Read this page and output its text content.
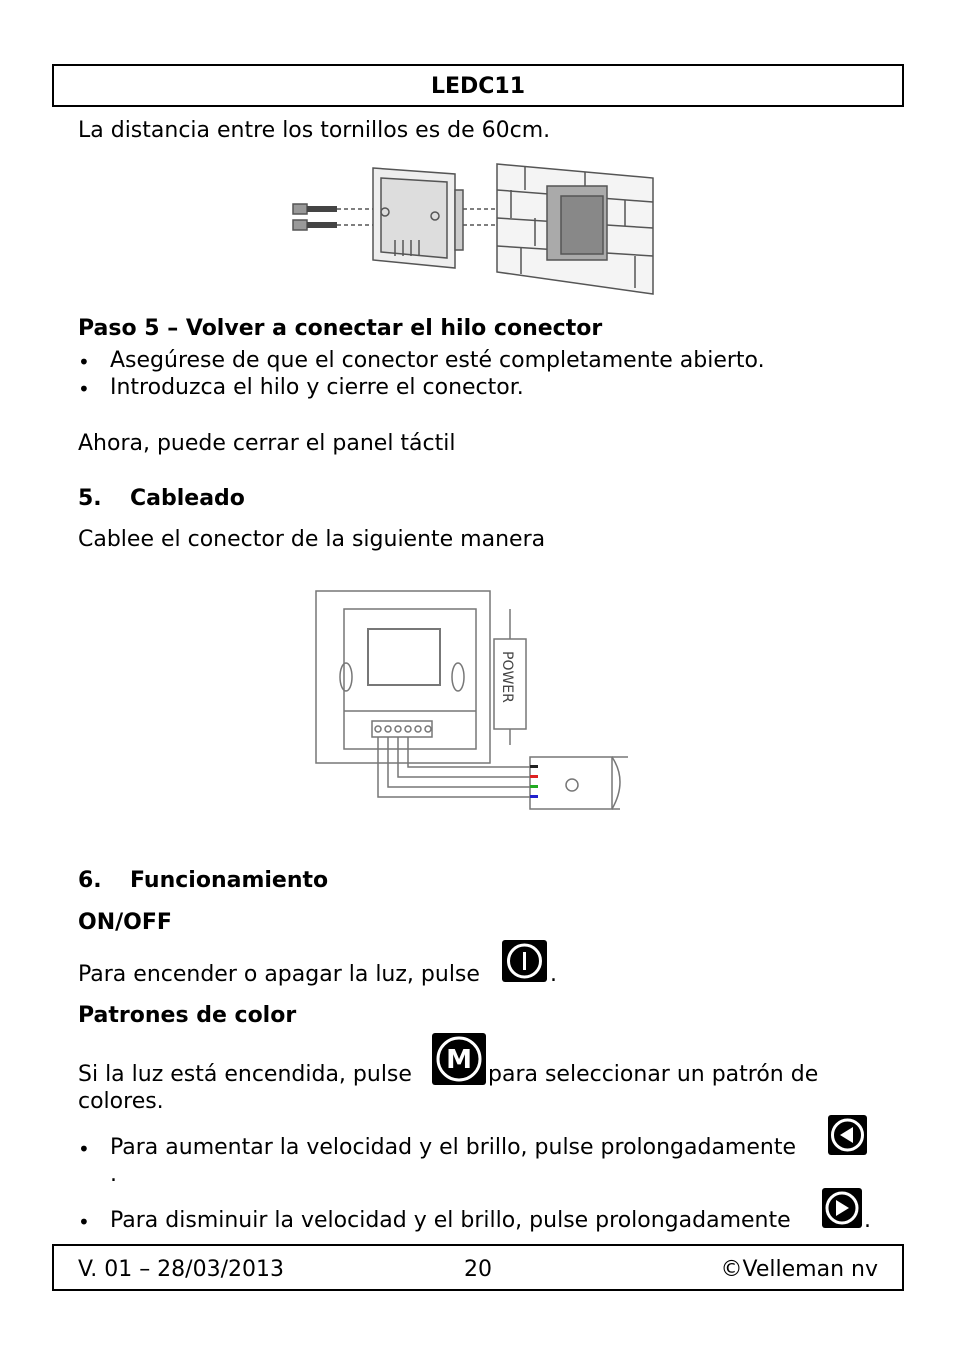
LEDC11
La distancia entre los tornillos es de 60cm.
Paso 5 – Volver a conectar el hilo conector
• Asegúrese de que el conector esté completamente abierto.
• Introduzca el hilo y cierre el conector.
Ahora, puede cerrar el panel táctil
5. Cableado
Cablee el conector de la siguiente manera
POWER
6. Funcionamiento
ON/OFF
Para encender o apagar la luz, pulse	.
Patrones de color
Si la luz está encendida, pulse M para seleccionar un patrón de
colores.
• Para aumentar la velocidad y el brillo, pulse prolongadamente
.
• Para disminuir la velocidad y el brillo, pulse prolongadamente	.
V. 01 – 28/03/2013	20	©Velleman nv
